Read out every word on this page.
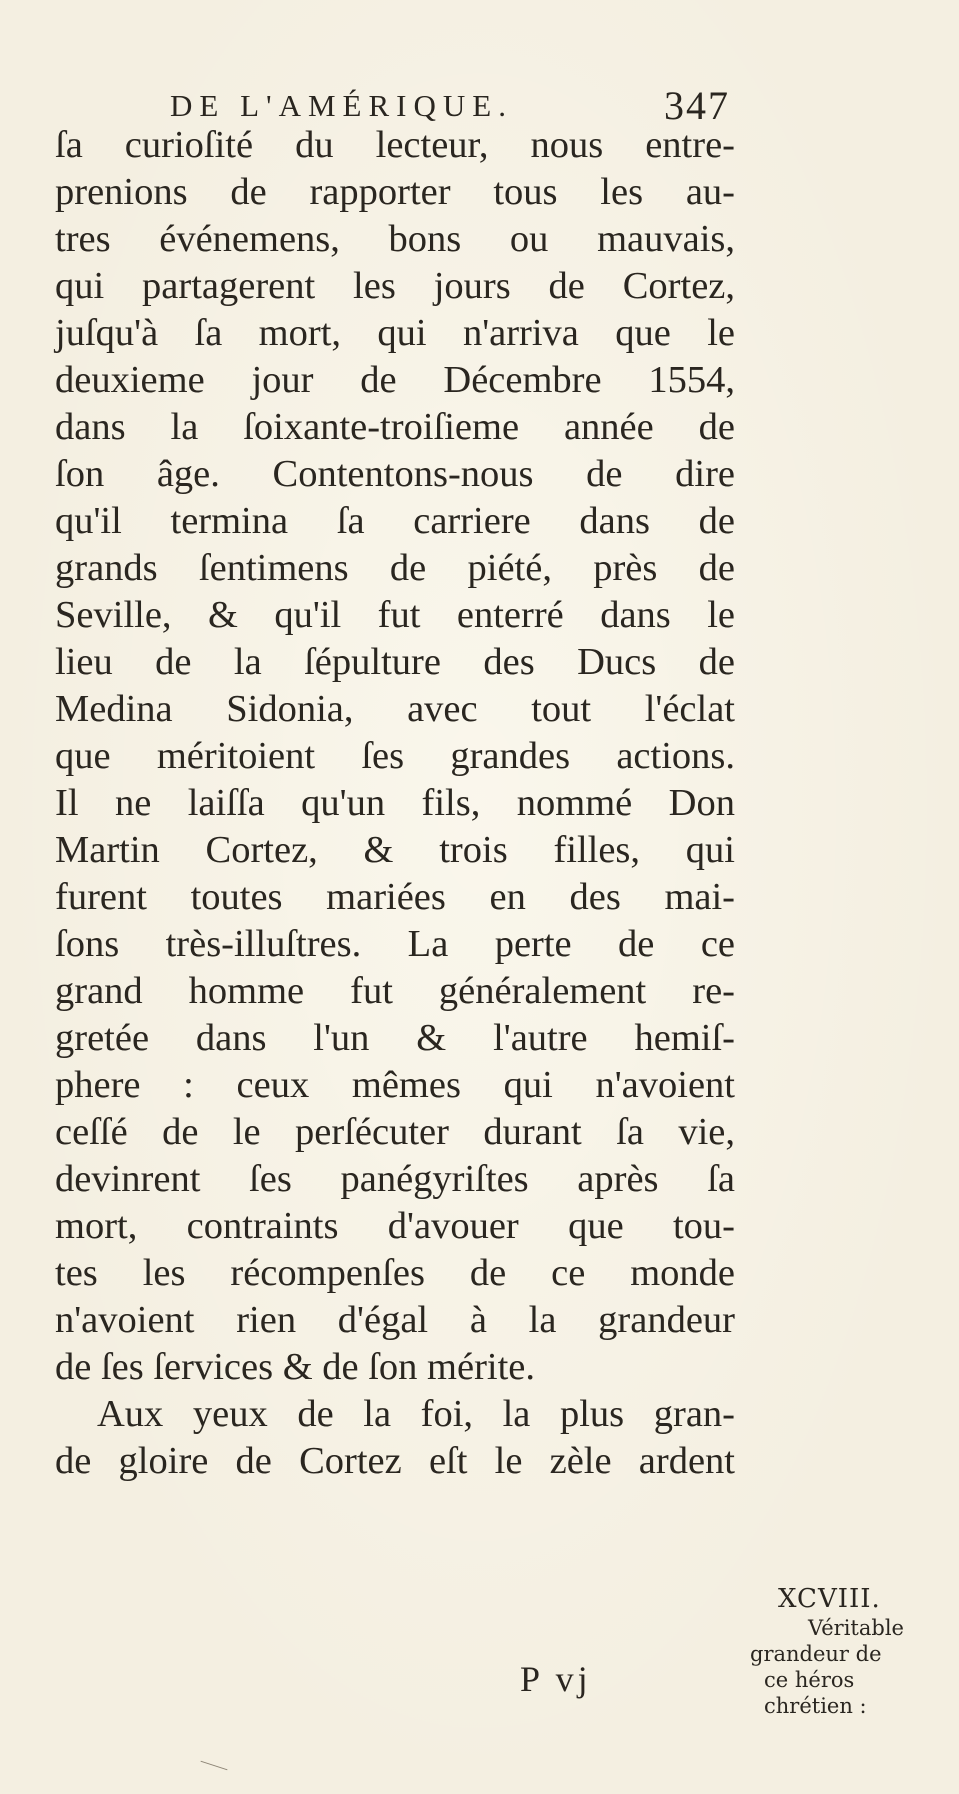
DE L'AMÉRIQUE.	347
ſa curioſité du lecteur, nous entre-
prenions de rapporter tous les au-
tres événemens, bons ou mauvais,
qui partagerent les jours de Cortez,
juſqu'à ſa mort, qui n'arriva que le
deuxieme jour de Décembre 1554,
dans la ſoixante-troiſieme année de
ſon âge. Contentons-nous de dire
qu'il termina ſa carriere dans de
grands ſentimens de piété, près de
Seville, & qu'il fut enterré dans le
lieu de la ſépulture des Ducs de
Medina Sidonia, avec tout l'éclat
que méritoient ſes grandes actions.
Il ne laiſſa qu'un fils, nommé Don
Martin Cortez, & trois filles, qui
furent toutes mariées en des mai-
ſons très-illuſtres. La perte de ce
grand homme fut généralement re-
gretée dans l'un & l'autre hemiſ-
phere : ceux mêmes qui n'avoient
ceſſé de le perſécuter durant ſa vie,
devinrent ſes panégyriſtes après ſa
mort, contraints d'avouer que tou-
tes les récompenſes de ce monde
n'avoient rien d'égal à la grandeur
de ſes ſervices & de ſon mérite.
Aux yeux de la foi, la plus gran-
de gloire de Cortez eſt le zèle ardent
P vj
XCVIII.
Véritable
grandeur de
ce héros
chrétien :
